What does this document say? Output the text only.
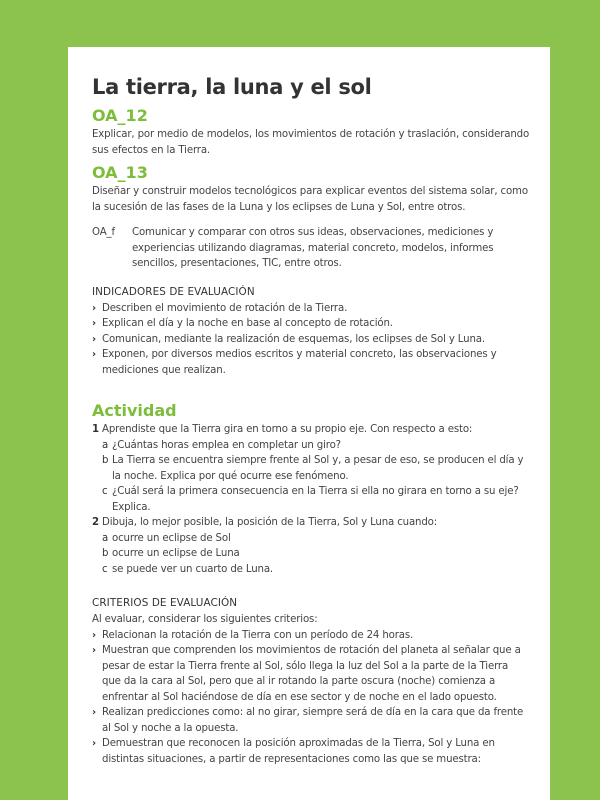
La tierra, la luna y el sol
OA_12
Explicar, por medio de modelos, los movimientos de rotación y traslación, considerando sus efectos en la Tierra.
OA_13
Diseñar y construir modelos tecnológicos para explicar eventos del sistema solar, como la sucesión de las fases de la Luna y los eclipses de Luna y Sol, entre otros.
OA_f	Comunicar y comparar con otros sus ideas, observaciones, mediciones y experiencias utilizando diagramas, material concreto, modelos, informes sencillos, presentaciones, TIC, entre otros.
INDICADORES DE EVALUACIÓN
› Describen el movimiento de rotación de la Tierra.
› Explican el día y la noche en base al concepto de rotación.
› Comunican, mediante la realización de esquemas, los eclipses de Sol y Luna.
› Exponen, por diversos medios escritos y material concreto, las observaciones y mediciones que realizan.
Actividad
1 Aprendiste que la Tierra gira en torno a su propio eje. Con respecto a esto:
a ¿Cuántas horas emplea en completar un giro?
b La Tierra se encuentra siempre frente al Sol y, a pesar de eso, se producen el día y la noche. Explica por qué ocurre ese fenómeno.
c ¿Cuál será la primera consecuencia en la Tierra si ella no girara en torno a su eje? Explica.
2 Dibuja, lo mejor posible, la posición de la Tierra, Sol y Luna cuando:
a ocurre un eclipse de Sol
b ocurre un eclipse de Luna
c se puede ver un cuarto de Luna.
CRITERIOS DE EVALUACIÓN
Al evaluar, considerar los siguientes criterios:
› Relacionan la rotación de la Tierra con un período de 24 horas.
› Muestran que comprenden los movimientos de rotación del planeta al señalar que a pesar de estar la Tierra frente al Sol, sólo llega la luz del Sol a la parte de la Tierra que da la cara al Sol, pero que al ir rotando la parte oscura (noche) comienza a enfrentar al Sol haciéndose de día en ese sector y de noche en el lado opuesto.
› Realizan predicciones como: al no girar, siempre será de día en la cara que da frente al Sol y noche a la opuesta.
› Demuestran que reconocen la posición aproximadas de la Tierra, Sol y Luna en distintas situaciones, a partir de representaciones como las que se muestra:
